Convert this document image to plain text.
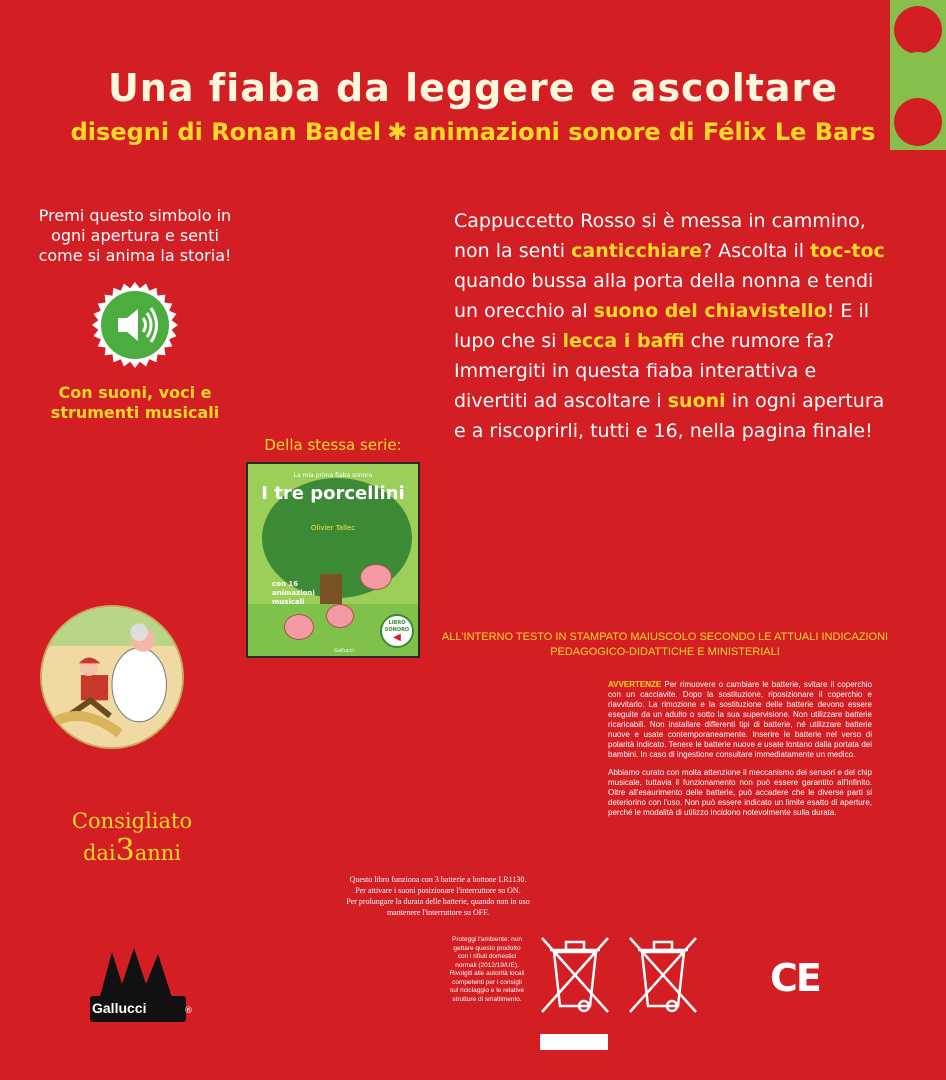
Una fiaba da leggere e ascoltare
disegni di Ronan Badel ✱ animazioni sonore di Félix Le Bars
Premi questo simbolo in ogni apertura e senti come si anima la storia!
Con suoni, voci e strumenti musicali
Cappuccetto Rosso si è messa in cammino, non la senti canticchiare? Ascolta il toc-toc quando bussa alla porta della nonna e tendi un orecchio al suono del chiavistello! E il lupo che si lecca i baffi che rumore fa? Immergiti in questa fiaba interattiva e divertiti ad ascoltare i suoni in ogni apertura e a riscoprirli, tutti e 16, nella pagina finale!
Della stessa serie:
La mia prima fiaba sonora
I tre porcellini
Olivier Tallec
con 16 animazioni musicali
LIBRO SONORO
◀
Gallucci
Consigliato
dai3anni
ALL'INTERNO TESTO IN STAMPATO MAIUSCOLO SECONDO LE ATTUALI INDICAZIONI PEDAGOGICO-DIDATTICHE E MINISTERIALI

AVVERTENZE Per rimuovere o cambiare le batterie, svitare il coperchio con un cacciavite. Dopo la sostituzione, riposizionare il coperchio e riavvitarlo. La rimozione e la sostituzione delle batterie devono essere eseguite da un adulto o sotto la sua supervisione. Non utilizzare batterie ricaricabili. Non installare differenti tipi di batterie, né utilizzare batterie nuove e usate contemporaneamente. Inserire le batterie nel verso di polarità indicato. Tenere le batterie nuove e usate lontano dalla portata dei bambini. In caso di ingestione consultare immediatamente un medico.

Abbiamo curato con molta attenzione il meccanismo dei sensori e del chip musicale, tuttavia il funzionamento non può essere garantito all'infinito. Oltre all'esaurimento delle batterie, può accadere che le diverse parti si deteriorino con l'uso. Non può essere indicato un limite esatto di aperture, perché le modalità di utilizzo incidono notevolmente sulla durata.

Questo libro funziona con 3 batterie a bottone LR1130.
Per attivare i suoni posizionare l'interruttore su ON.
Per prolungare la durata delle batterie, quando non in uso
mantenere l'interruttore su OFF.
Proteggi l'ambiente: non gettare questo prodotto con i rifiuti domestici normali (2012/19/UE). Rivolgiti alle autorità locali competenti per i consigli sul riciclaggio e le relative strutture di smaltimento.	CE
Gallucci	®
